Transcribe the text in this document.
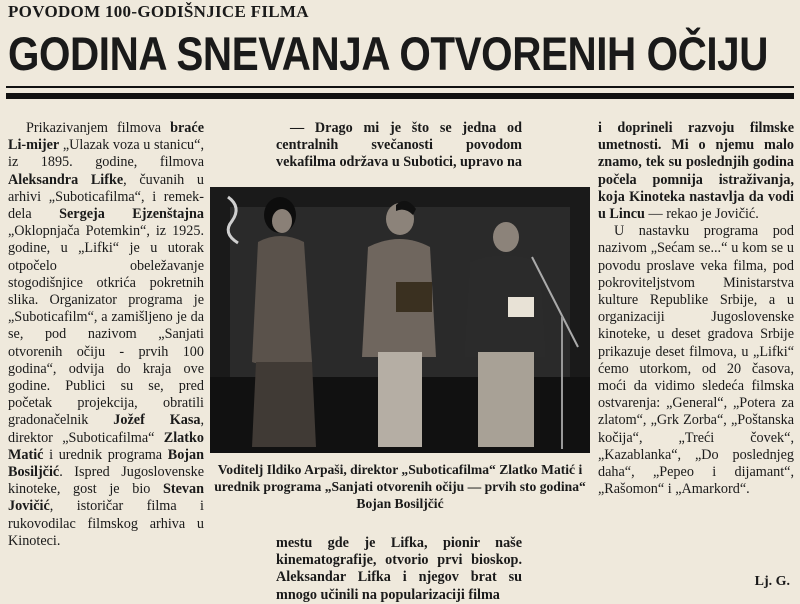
POVODOM 100-GODIŠNJICE FILMA
GODINA SNEVANJA OTVORENIH OČIJU

Prikazivanjem filmova braće Li-mijer „Ulazak voza u stanicu“, iz 1895. godine, filmova Aleksandra Lifke, čuvanih u arhivi „Suboticafilma“, i remek-dela Sergeja Ejzenštajna „Oklopnjača Potemkin“, iz 1925. godine, u „Lifki“ je u utorak otpočelo obeležavanje stogodišnjice otkrića pokretnih slika. Organizator programa je „Suboticafilm“, a zamišljeno je da se, pod nazivom „Sanjati otvorenih očiju - prvih 100 godina“, odvija do kraja ove godine. Publici su se, pred početak projekcija, obratili gradonačelnik Jožef Kasa, direktor „Suboticafilma“ Zlatko Matić i urednik programa Bojan Bosiljčić. Ispred Jugoslovenske kinoteke, gost je bio Stevan Jovičić, istoričar filma i rukovodilac filmskog arhiva u Kinoteci.

— Drago mi je što se jedna od centralnih svečanosti povodom vekafilma održava u Subotici, upravo na
Voditelj Ildiko Arpaši, direktor „Suboticafilma“ Zlatko Matić i urednik programa „Sanjati otvorenih očiju — prvih sto godina“ Bojan Bosiljčić
mestu gde je Lifka, pionir naše kinematografije, otvorio prvi bioskop. Aleksandar Lifka i njegov brat su mnogo učinili na popularizaciji filma

i doprineli razvoju filmske umetnosti. Mi o njemu malo znamo, tek su poslednjih godina počela pomnija istraživanja, koja Kinoteka nastavlja da vodi u Lincu — rekao je Jovičić.

U nastavku programa pod nazivom „Sećam se...“ u kom se u povodu proslave veka filma, pod pokroviteljstvom Ministarstva kulture Republike Srbije, a u organizaciji Jugoslovenske kinoteke, u deset gradova Srbije prikazuje deset filmova, u „Lifki“ ćemo utorkom, od 20 časova, moći da vidimo sledeća filmska ostvarenja: „General“, „Potera za zlatom“, „Grk Zorba“, „Poštanska kočija“, „Treći čovek“, „Kazablanka“, „Do poslednjeg daha“, „Pepeo i dijamant“, „Rašomon“ i „Amarkord“.

Lj. G.
